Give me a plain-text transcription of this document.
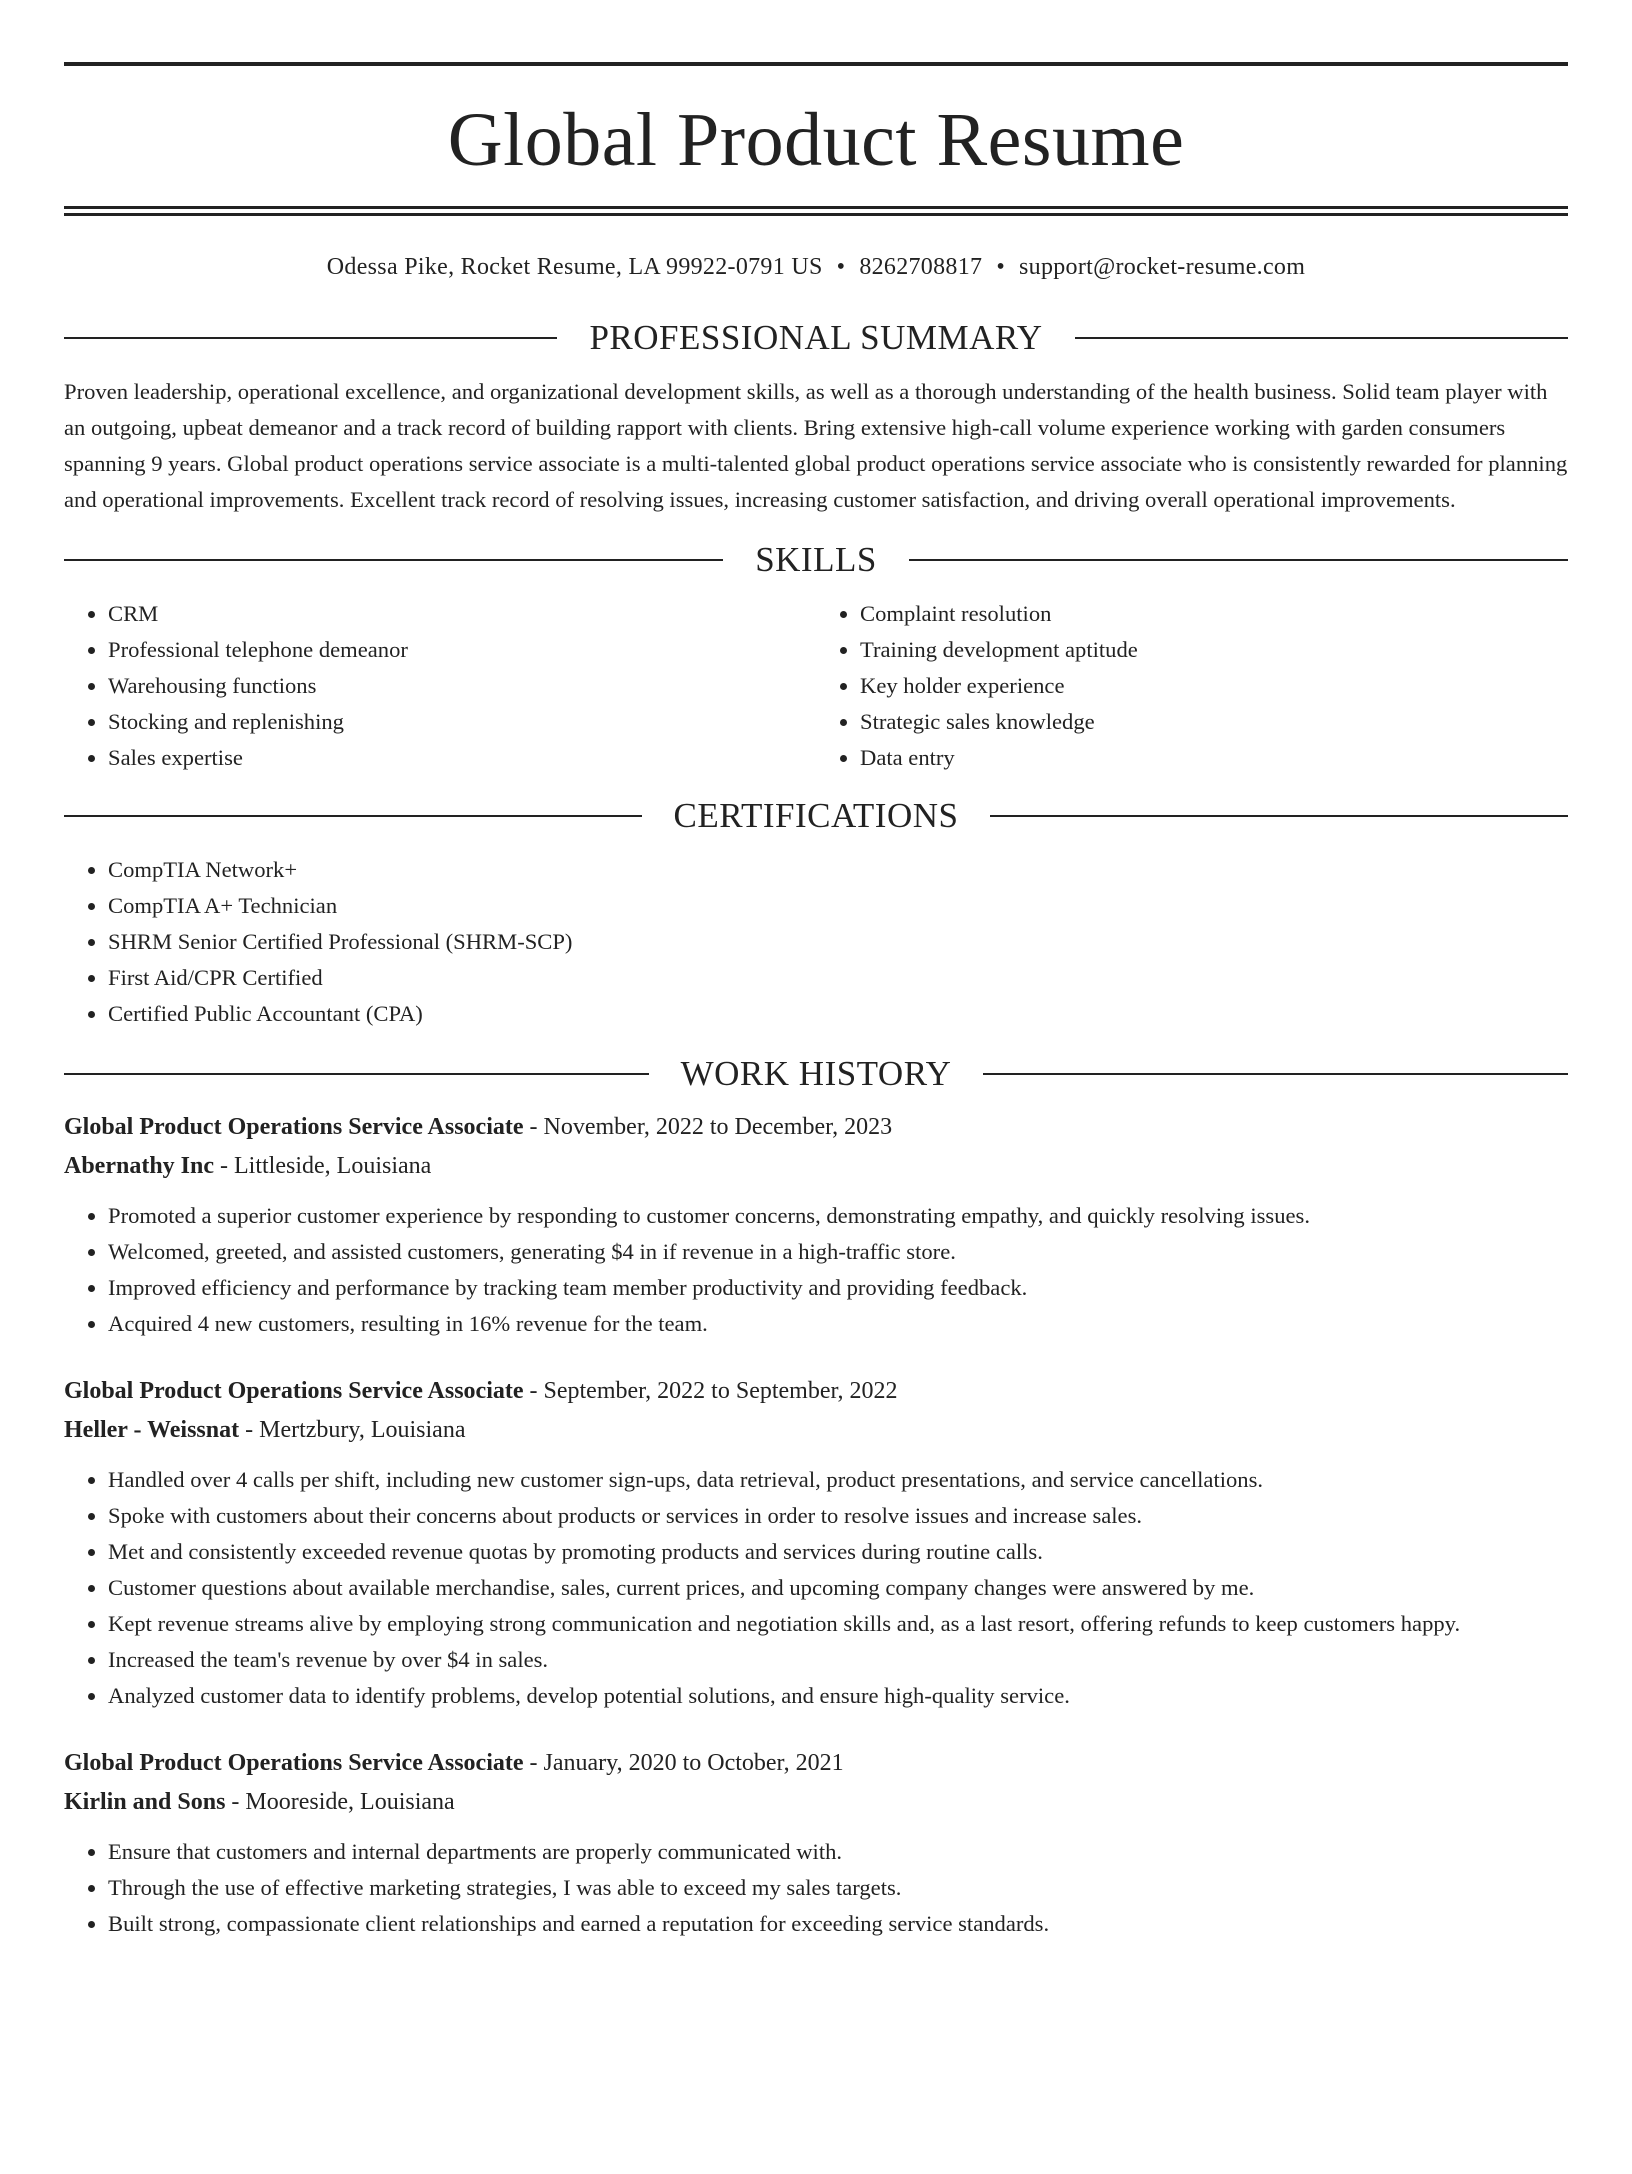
Global Product Resume
Odessa Pike, Rocket Resume, LA 99922-0791 US • 8262708817 • support@rocket-resume.com
PROFESSIONAL SUMMARY

Proven leadership, operational excellence, and organizational development skills, as well as a thorough understanding of the health business. Solid team player with an outgoing, upbeat demeanor and a track record of building rapport with clients. Bring extensive high-call volume experience working with garden consumers spanning 9 years. Global product operations service associate is a multi-talented global product operations service associate who is consistently rewarded for planning and operational improvements. Excellent track record of resolving issues, increasing customer satisfaction, and driving overall operational improvements.

SKILLS
• CRM
• Professional telephone demeanor
• Warehousing functions
• Stocking and replenishing
• Sales expertise
• Complaint resolution
• Training development aptitude
• Key holder experience
• Strategic sales knowledge
• Data entry
CERTIFICATIONS
• CompTIA Network+
• CompTIA A+ Technician
• SHRM Senior Certified Professional (SHRM-SCP)
• First Aid/CPR Certified
• Certified Public Accountant (CPA)
WORK HISTORY
Global Product Operations Service Associate - November, 2022 to December, 2023
Abernathy Inc - Littleside, Louisiana
• Promoted a superior customer experience by responding to customer concerns, demonstrating empathy, and quickly resolving issues.
• Welcomed, greeted, and assisted customers, generating $4 in if revenue in a high-traffic store.
• Improved efficiency and performance by tracking team member productivity and providing feedback.
• Acquired 4 new customers, resulting in 16% revenue for the team.
Global Product Operations Service Associate - September, 2022 to September, 2022
Heller - Weissnat - Mertzbury, Louisiana
• Handled over 4 calls per shift, including new customer sign-ups, data retrieval, product presentations, and service cancellations.
• Spoke with customers about their concerns about products or services in order to resolve issues and increase sales.
• Met and consistently exceeded revenue quotas by promoting products and services during routine calls.
• Customer questions about available merchandise, sales, current prices, and upcoming company changes were answered by me.
• Kept revenue streams alive by employing strong communication and negotiation skills and, as a last resort, offering refunds to keep customers happy.
• Increased the team's revenue by over $4 in sales.
• Analyzed customer data to identify problems, develop potential solutions, and ensure high-quality service.
Global Product Operations Service Associate - January, 2020 to October, 2021
Kirlin and Sons - Mooreside, Louisiana
• Ensure that customers and internal departments are properly communicated with.
• Through the use of effective marketing strategies, I was able to exceed my sales targets.
• Built strong, compassionate client relationships and earned a reputation for exceeding service standards.
